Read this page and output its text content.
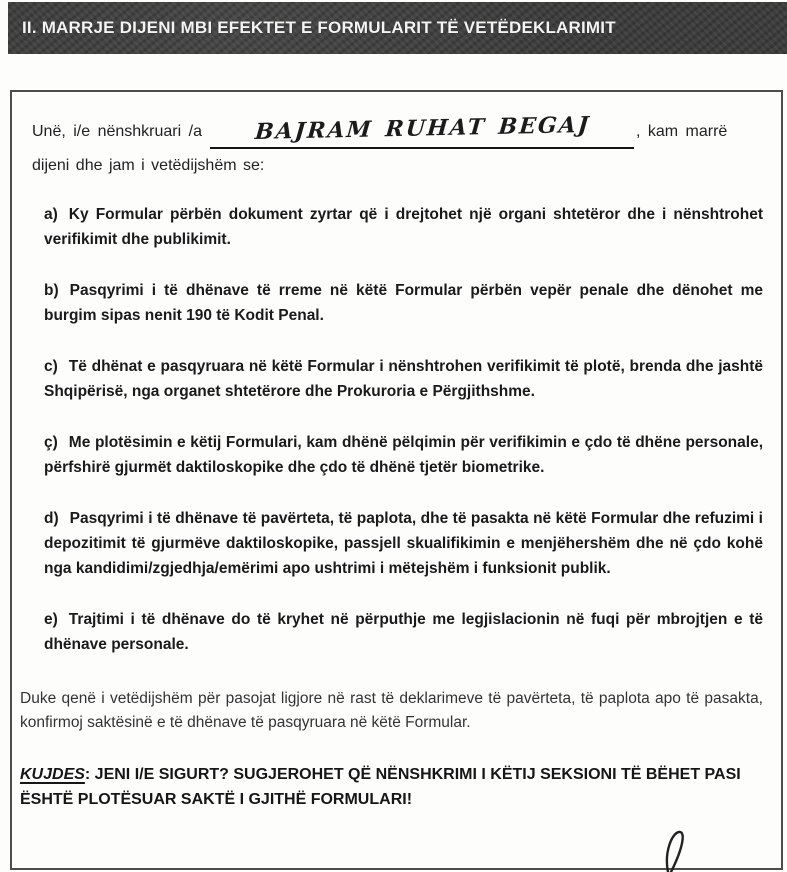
II. MARRJE DIJENI MBI EFEKTET E FORMULARIT TË VETËDEKLARIMIT
Unë, i/e nënshkruari /a BAJRAM RUHAT BEGAJ	, kam marrë
dijeni dhe jam i vetëdijshëm se:

a) Ky Formular përbën dokument zyrtar që i drejtohet një organi shtetëror dhe i nënshtrohet verifikimit dhe publikimit.

b) Pasqyrimi i të dhënave të rreme në këtë Formular përbën vepër penale dhe dënohet me burgim sipas nenit 190 të Kodit Penal.

c) Të dhënat e pasqyruara në këtë Formular i nënshtrohen verifikimit të plotë, brenda dhe jashtë Shqipërisë, nga organet shtetërore dhe Prokuroria e Përgjithshme.

ç) Me plotësimin e këtij Formulari, kam dhënë pëlqimin për verifikimin e çdo të dhëne personale, përfshirë gjurmët daktiloskopike dhe çdo të dhënë tjetër biometrike.

d) Pasqyrimi i të dhënave të pavërteta, të paplota, dhe të pasakta në këtë Formular dhe refuzimi i depozitimit të gjurmëve daktiloskopike, passjell skualifikimin e menjëhershëm dhe në çdo kohë nga kandidimi/zgjedhja/emërimi apo ushtrimi i mëtejshëm i funksionit publik.

e) Trajtimi i të dhënave do të kryhet në përputhje me legjislacionin në fuqi për mbrojtjen e të dhënave personale.

Duke qenë i vetëdijshëm për pasojat ligjore në rast të deklarimeve të pavërteta, të paplota apo të pasakta, konfirmoj saktësinë e të dhënave të pasqyruara në këtë Formular.

KUJDES: JENI I/E SIGURT? SUGJEROHET QË NËNSHKRIMI I KËTIJ SEKSIONI TË BËHET PASI ËSHTË PLOTËSUAR SAKTË I GJITHË FORMULARI!
